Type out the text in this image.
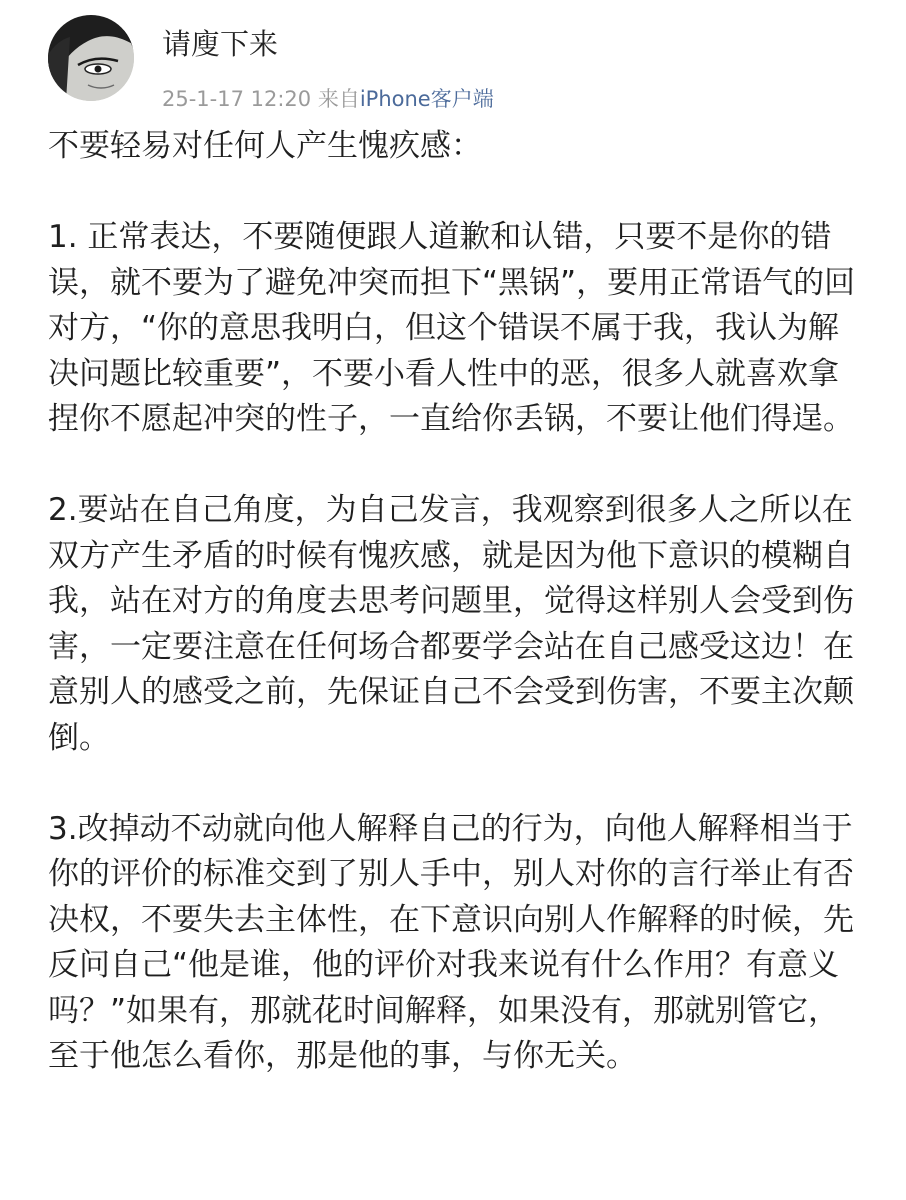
请廋下来
25-1-17 12:20 来自iPhone客户端

不要轻易对任何人产生愧疚感：

1. 正常表达，不要随便跟人道歉和认错，只要不是你的错误，就不要为了避免冲突而担下“黑锅”，要用正常语气的回对方，“你的意思我明白，但这个错误不属于我，我认为解决问题比较重要”，不要小看人性中的恶，很多人就喜欢拿捏你不愿起冲突的性子，一直给你丢锅，不要让他们得逞。

2.要站在自己角度，为自己发言，我观察到很多人之所以在双方产生矛盾的时候有愧疚感，就是因为他下意识的模糊自我，站在对方的角度去思考问题里，觉得这样别人会受到伤害，一定要注意在任何场合都要学会站在自己感受这边！在意别人的感受之前，先保证自己不会受到伤害，不要主次颠倒。

3.改掉动不动就向他人解释自己的行为，向他人解释相当于你的评价的标准交到了别人手中，别人对你的言行举止有否决权，不要失去主体性，在下意识向别人作解释的时候，先反问自己“他是谁，他的评价对我来说有什么作用？有意义吗？”如果有，那就花时间解释，如果没有，那就别管它，至于他怎么看你，那是他的事，与你无关。
